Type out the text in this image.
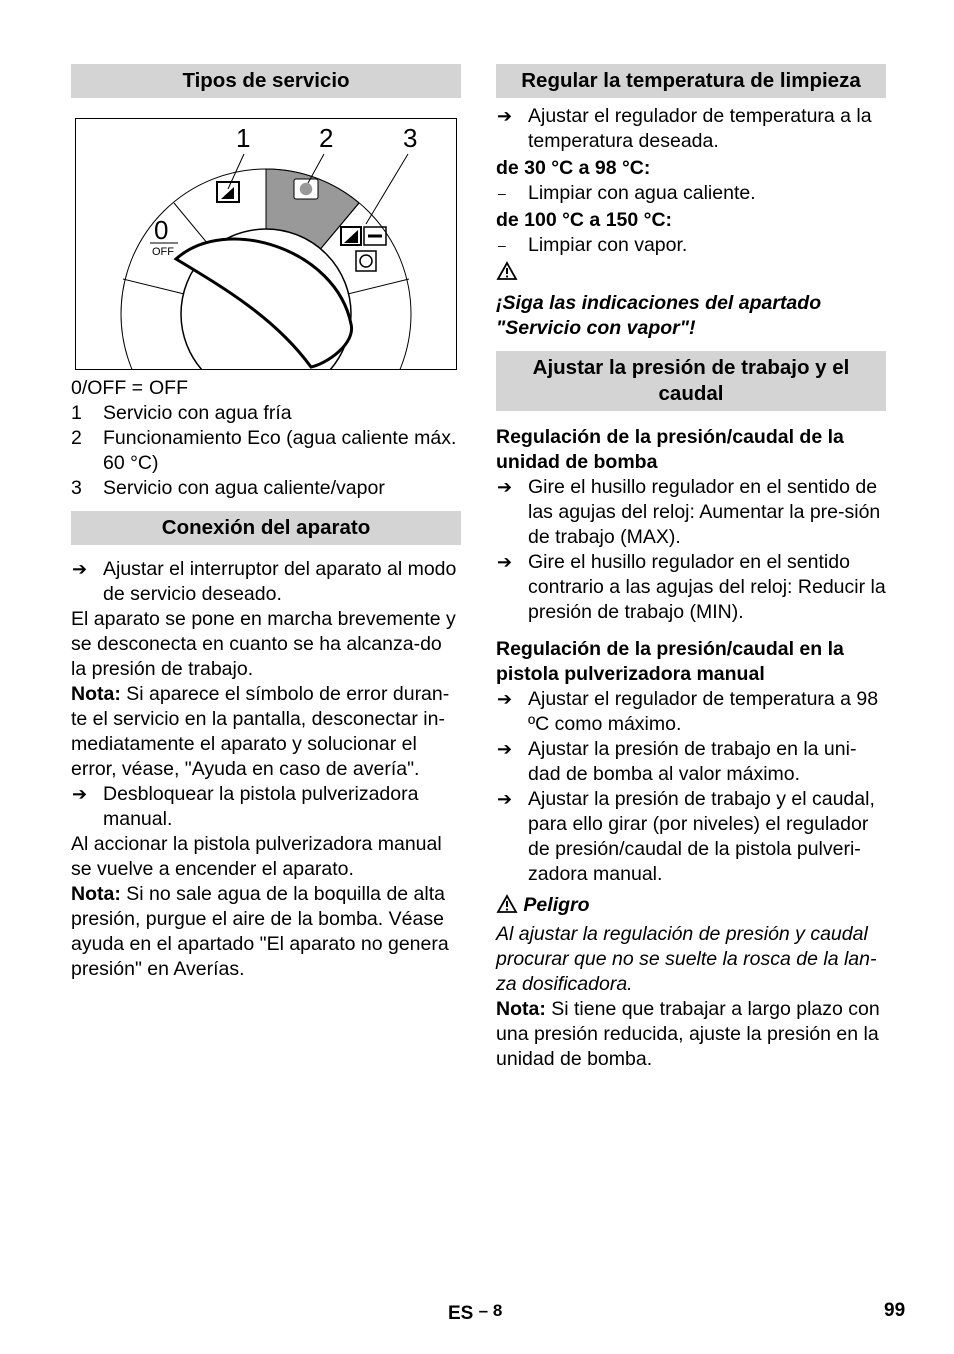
Tipos de servicio
1	2	3
0
OFF
0/OFF = OFF
1 Servicio con agua fría
2 Funcionamiento Eco (agua caliente máx. 60 °C)
3 Servicio con agua caliente/vapor
Conexión del aparato

➔ Ajustar el interruptor del aparato al modo de servicio deseado.

El aparato se pone en marcha brevemente y se desconecta en cuanto se ha alcanza-do la presión de trabajo.

Nota: Si aparece el símbolo de error duran-te el servicio en la pantalla, desconectar in-mediatamente el aparato y solucionar el error, véase, "Ayuda en caso de avería".

➔ Desbloquear la pistola pulverizadora manual.

Al accionar la pistola pulverizadora manual se vuelve a encender el aparato.

Nota: Si no sale agua de la boquilla de alta presión, purgue el aire de la bomba. Véase ayuda en el apartado "El aparato no genera presión" en Averías.

Regular la temperatura de limpieza

➔ Ajustar el regulador de temperatura a la temperatura deseada.

de 30 °C a 98 °C:

– Limpiar con agua caliente.

de 100 °C a 150 °C:

– Limpiar con vapor.

¡Siga las indicaciones del apartado "Servicio con vapor"!

Ajustar la presión de trabajo y el caudal

Regulación de la presión/caudal de la unidad de bomba

➔ Gire el husillo regulador en el sentido de las agujas del reloj: Aumentar la pre-sión de trabajo (MAX).

➔ Gire el husillo regulador en el sentido contrario a las agujas del reloj: Reducir la presión de trabajo (MIN).

Regulación de la presión/caudal en la pistola pulverizadora manual

➔ Ajustar el regulador de temperatura a 98 ºC como máximo.

➔ Ajustar la presión de trabajo en la uni-dad de bomba al valor máximo.

➔ Ajustar la presión de trabajo y el caudal, para ello girar (por niveles) el regulador de presión/caudal de la pistola pulveri-zadora manual.

Peligro

Al ajustar la regulación de presión y caudal procurar que no se suelte la rosca de la lan-za dosificadora.

Nota: Si tiene que trabajar a largo plazo con una presión reducida, ajuste la presión en la unidad de bomba.

ES – 8	99
